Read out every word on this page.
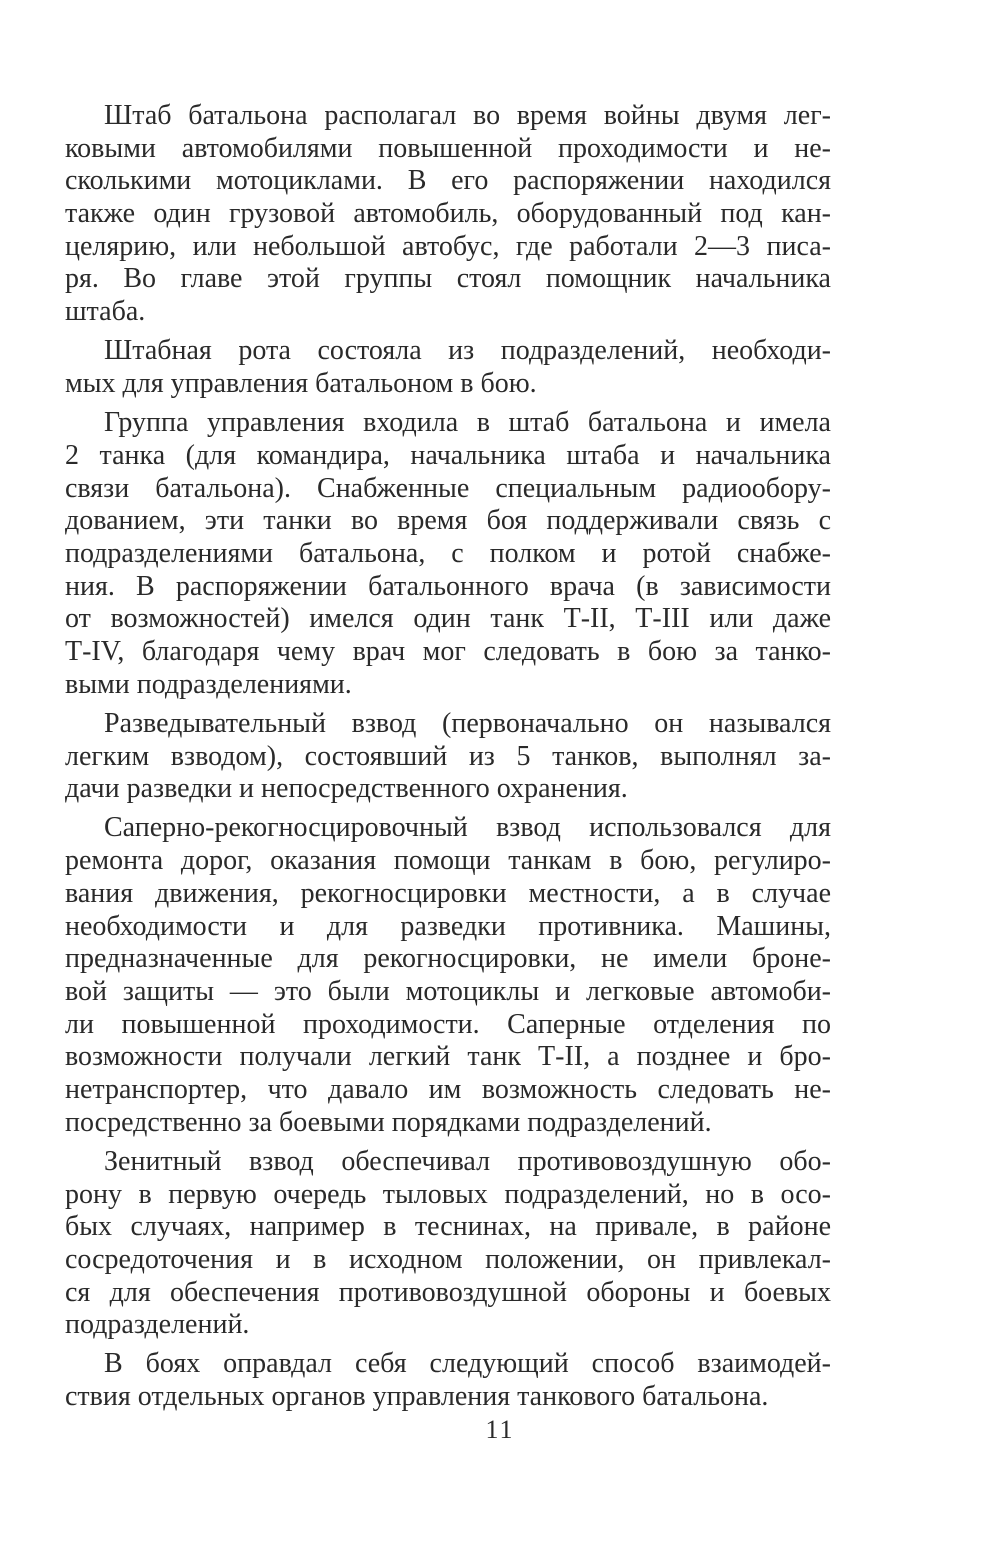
Штаб батальона располагал во время войны двумя лег-
ковыми автомобилями повышенной проходимости и не-
сколькими мотоциклами. В его распоряжении находился
также один грузовой автомобиль, оборудованный под кан-
целярию, или небольшой автобус, где работали 2—3 писа-
ря. Во главе этой группы стоял помощник начальника
штаба.
Штабная рота состояла из подразделений, необходи-
мых для управления батальоном в бою.
Группа управления входила в штаб батальона и имела
2 танка (для командира, начальника штаба и начальника
связи батальона). Снабженные специальным радиообору-
дованием, эти танки во время боя поддерживали связь с
подразделениями батальона, с полком и ротой снабже-
ния. В распоряжении батальонного врача (в зависимости
от возможностей) имелся один танк Т-II, Т-III или даже
Т-IV, благодаря чему врач мог следовать в бою за танко-
выми подразделениями.
Разведывательный взвод (первоначально он назывался
легким взводом), состоявший из 5 танков, выполнял за-
дачи разведки и непосредственного охранения.
Саперно-рекогносцировочный взвод использовался для
ремонта дорог, оказания помощи танкам в бою, регулиро-
вания движения, рекогносцировки местности, а в случае
необходимости и для разведки противника. Машины,
предназначенные для рекогносцировки, не имели броне-
вой защиты — это были мотоциклы и легковые автомоби-
ли повышенной проходимости. Саперные отделения по
возможности получали легкий танк Т-II, а позднее и бро-
нетранспортер, что давало им возможность следовать не-
посредственно за боевыми порядками подразделений.
Зенитный взвод обеспечивал противовоздушную обо-
рону в первую очередь тыловых подразделений, но в осо-
бых случаях, например в теснинах, на привале, в районе
сосредоточения и в исходном положении, он привлекал-
ся для обеспечения противовоздушной обороны и боевых
подразделений.
В боях оправдал себя следующий способ взаимодей-
ствия отдельных органов управления танкового батальона.
11
